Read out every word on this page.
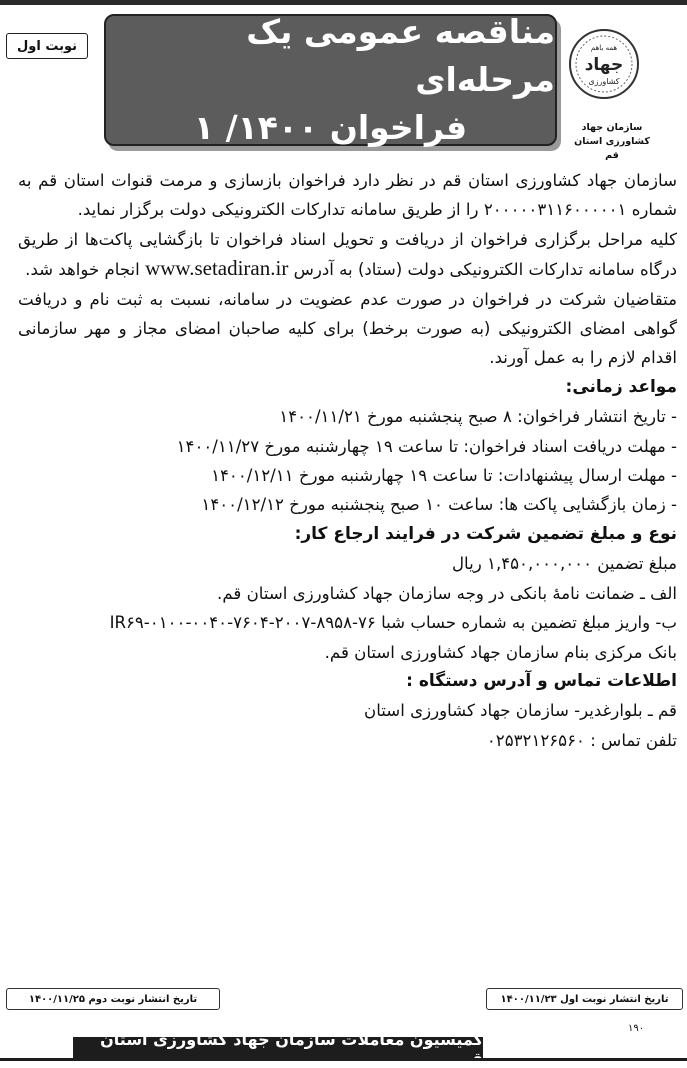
نوبت اول	مناقصه عمومی یک مرحله‌ای
فراخوان ۱۴۰۰/ ۱
همه باهم
جهاد
کشاورزی
سازمان جهاد
کشاورزی استان قم

سازمان جهاد کشاورزی استان قم در نظر دارد فراخوان بازسازی و مرمت قنوات استان قم به شماره ۲۰۰۰۰۰۳۱۱۶۰۰۰۰۰۱ را از طریق سامانه تدارکات الکترونیکی دولت برگزار نماید.

کلیه مراحل برگزاری فراخوان از دریافت و تحویل اسناد فراخوان تا بازگشایی پاکت‌ها از طریق درگاه سامانه تدارکات الکترونیکی دولت (ستاد) به آدرس www.setadiran.ir انجام خواهد شد.

متقاضیان شرکت در فراخوان در صورت عدم عضویت در سامانه، نسبت به ثبت نام و دریافت گواهی امضای الکترونیکی (به صورت برخط) برای کلیه صاحبان امضای مجاز و مهر سازمانی اقدام لازم را به عمل آورند.

مواعد زمانی:

- تاریخ انتشار فراخوان: ۸ صبح پنجشنبه مورخ ۱۴۰۰/۱۱/۲۱

- مهلت دریافت اسناد فراخوان: تا ساعت ۱۹ چهارشنبه مورخ ۱۴۰۰/۱۱/۲۷

- مهلت ارسال پیشنهادات: تا ساعت ۱۹ چهارشنبه مورخ ۱۴۰۰/۱۲/۱۱

- زمان بازگشایی پاکت ها: ساعت ۱۰ صبح پنجشنبه مورخ ۱۴۰۰/۱۲/۱۲

نوع و مبلغ تضمین شرکت در فرایند ارجاع کار:

مبلغ تضمین ۱,۴۵۰,۰۰۰,۰۰۰ ریال

الف ـ ضمانت نامهٔ بانکی در وجه سازمان جهاد کشاورزی استان قم.

ب- واریز مبلغ تضمین به شماره حساب شبا IR۶۹-۰۱۰۰-۰۰۴۰-۷۶۰۴-۲۰۰۷-۸۹۵۸-۷۶

بانک مرکزی بنام سازمان جهاد کشاورزی استان قم.

اطلاعات تماس و آدرس دستگاه :

قم ـ بلوارغدیر- سازمان جهاد کشاورزی استان

تلفن تماس : ۰۲۵۳۲۱۲۶۵۶۰

تاریخ انتشار نوبت اول ۱۴۰۰/۱۱/۲۳
تاریخ انتشار نوبت دوم ۱۴۰۰/۱۱/۲۵
۱۹۰
کمیسیون معاملات سازمان جهاد کشاورزی استان
